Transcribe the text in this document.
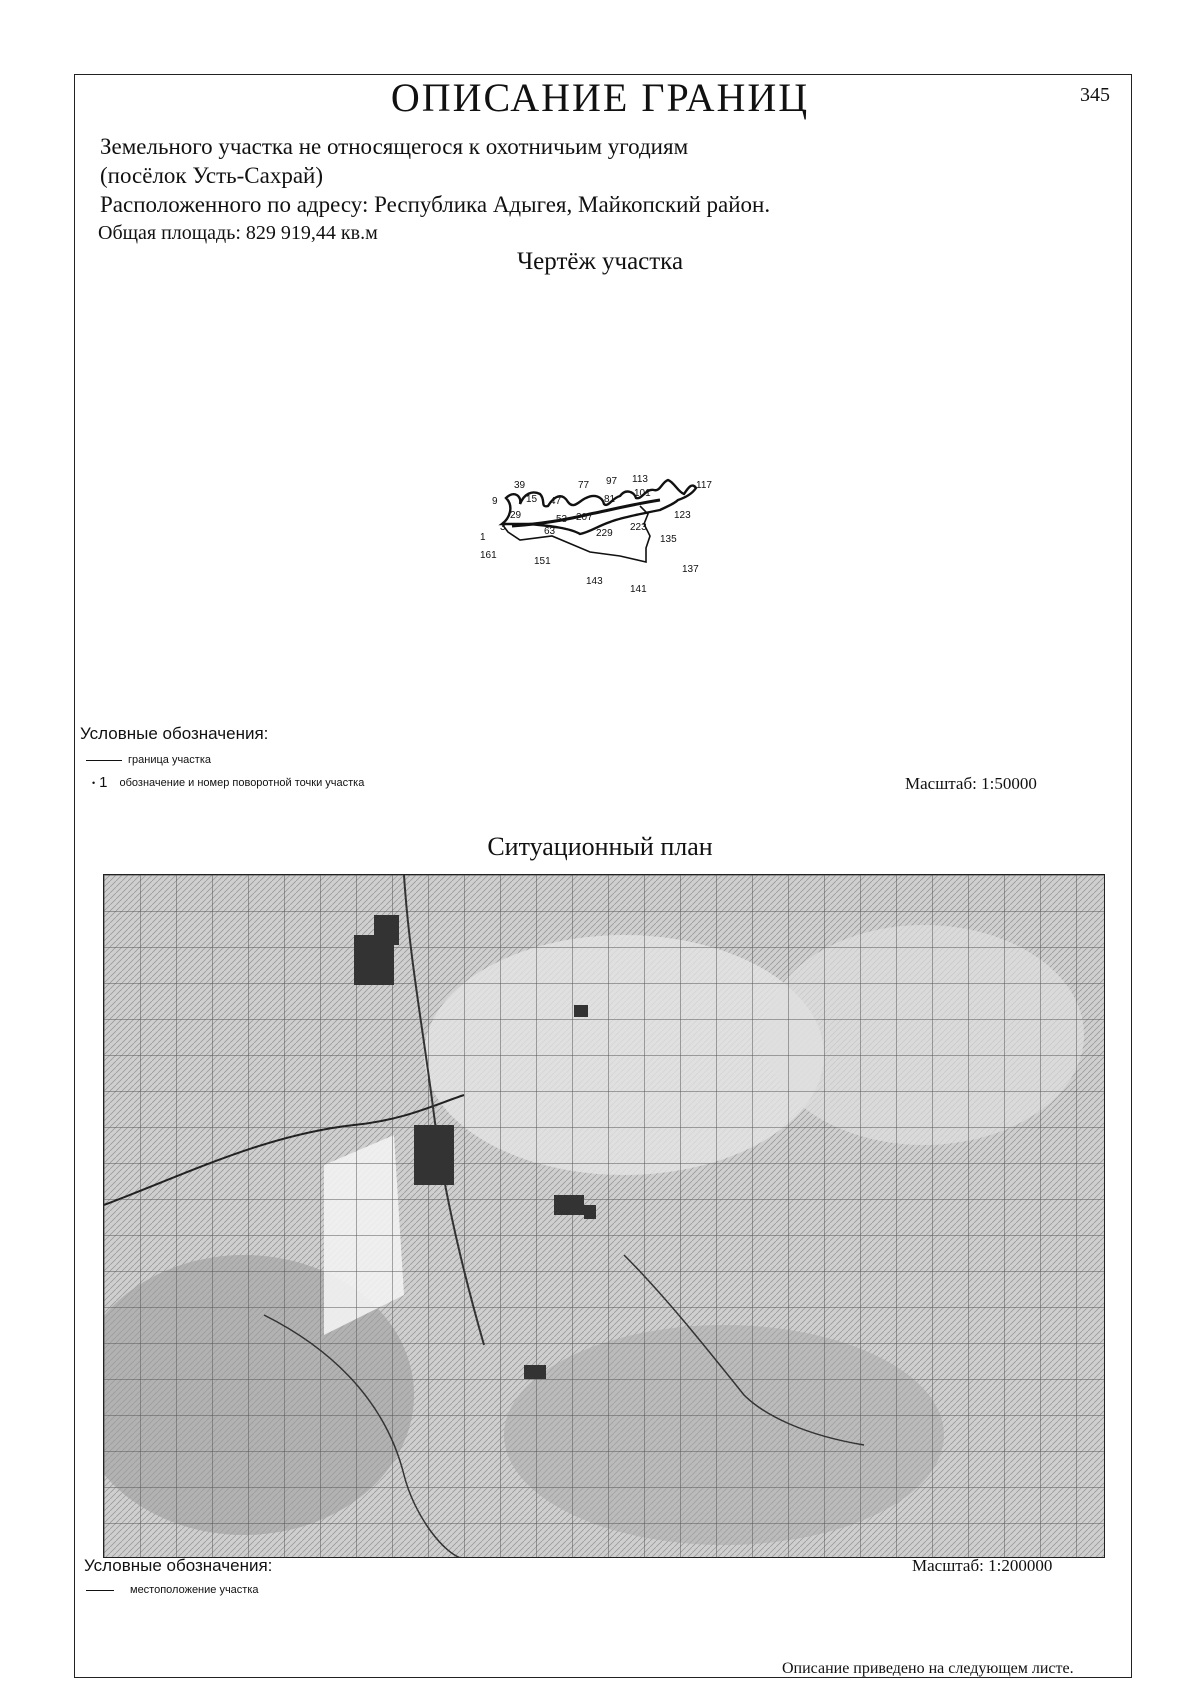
ОПИСАНИЕ ГРАНИЦ	345
Земельного участка не относящегося к охотничьим угодиям
(посёлок Усть-Сахрай)
Расположенного по адресу: Республика Адыгея, Майкопский район.
Общая площадь: 829 919,44 кв.м
Чертёж участка
39	77 97 113
117
9	15 47	81
101
123
29	53 207
3	63	223
1	229
135
161
151
137
143
141
Условные обозначения:
граница участка
• 1 обозначение и номер поворотной точки участка	Масштаб: 1:50000
Ситуационный план
Условные обозначения:	Масштаб: 1:200000
местоположение участка
Описание приведено на следующем листе.
